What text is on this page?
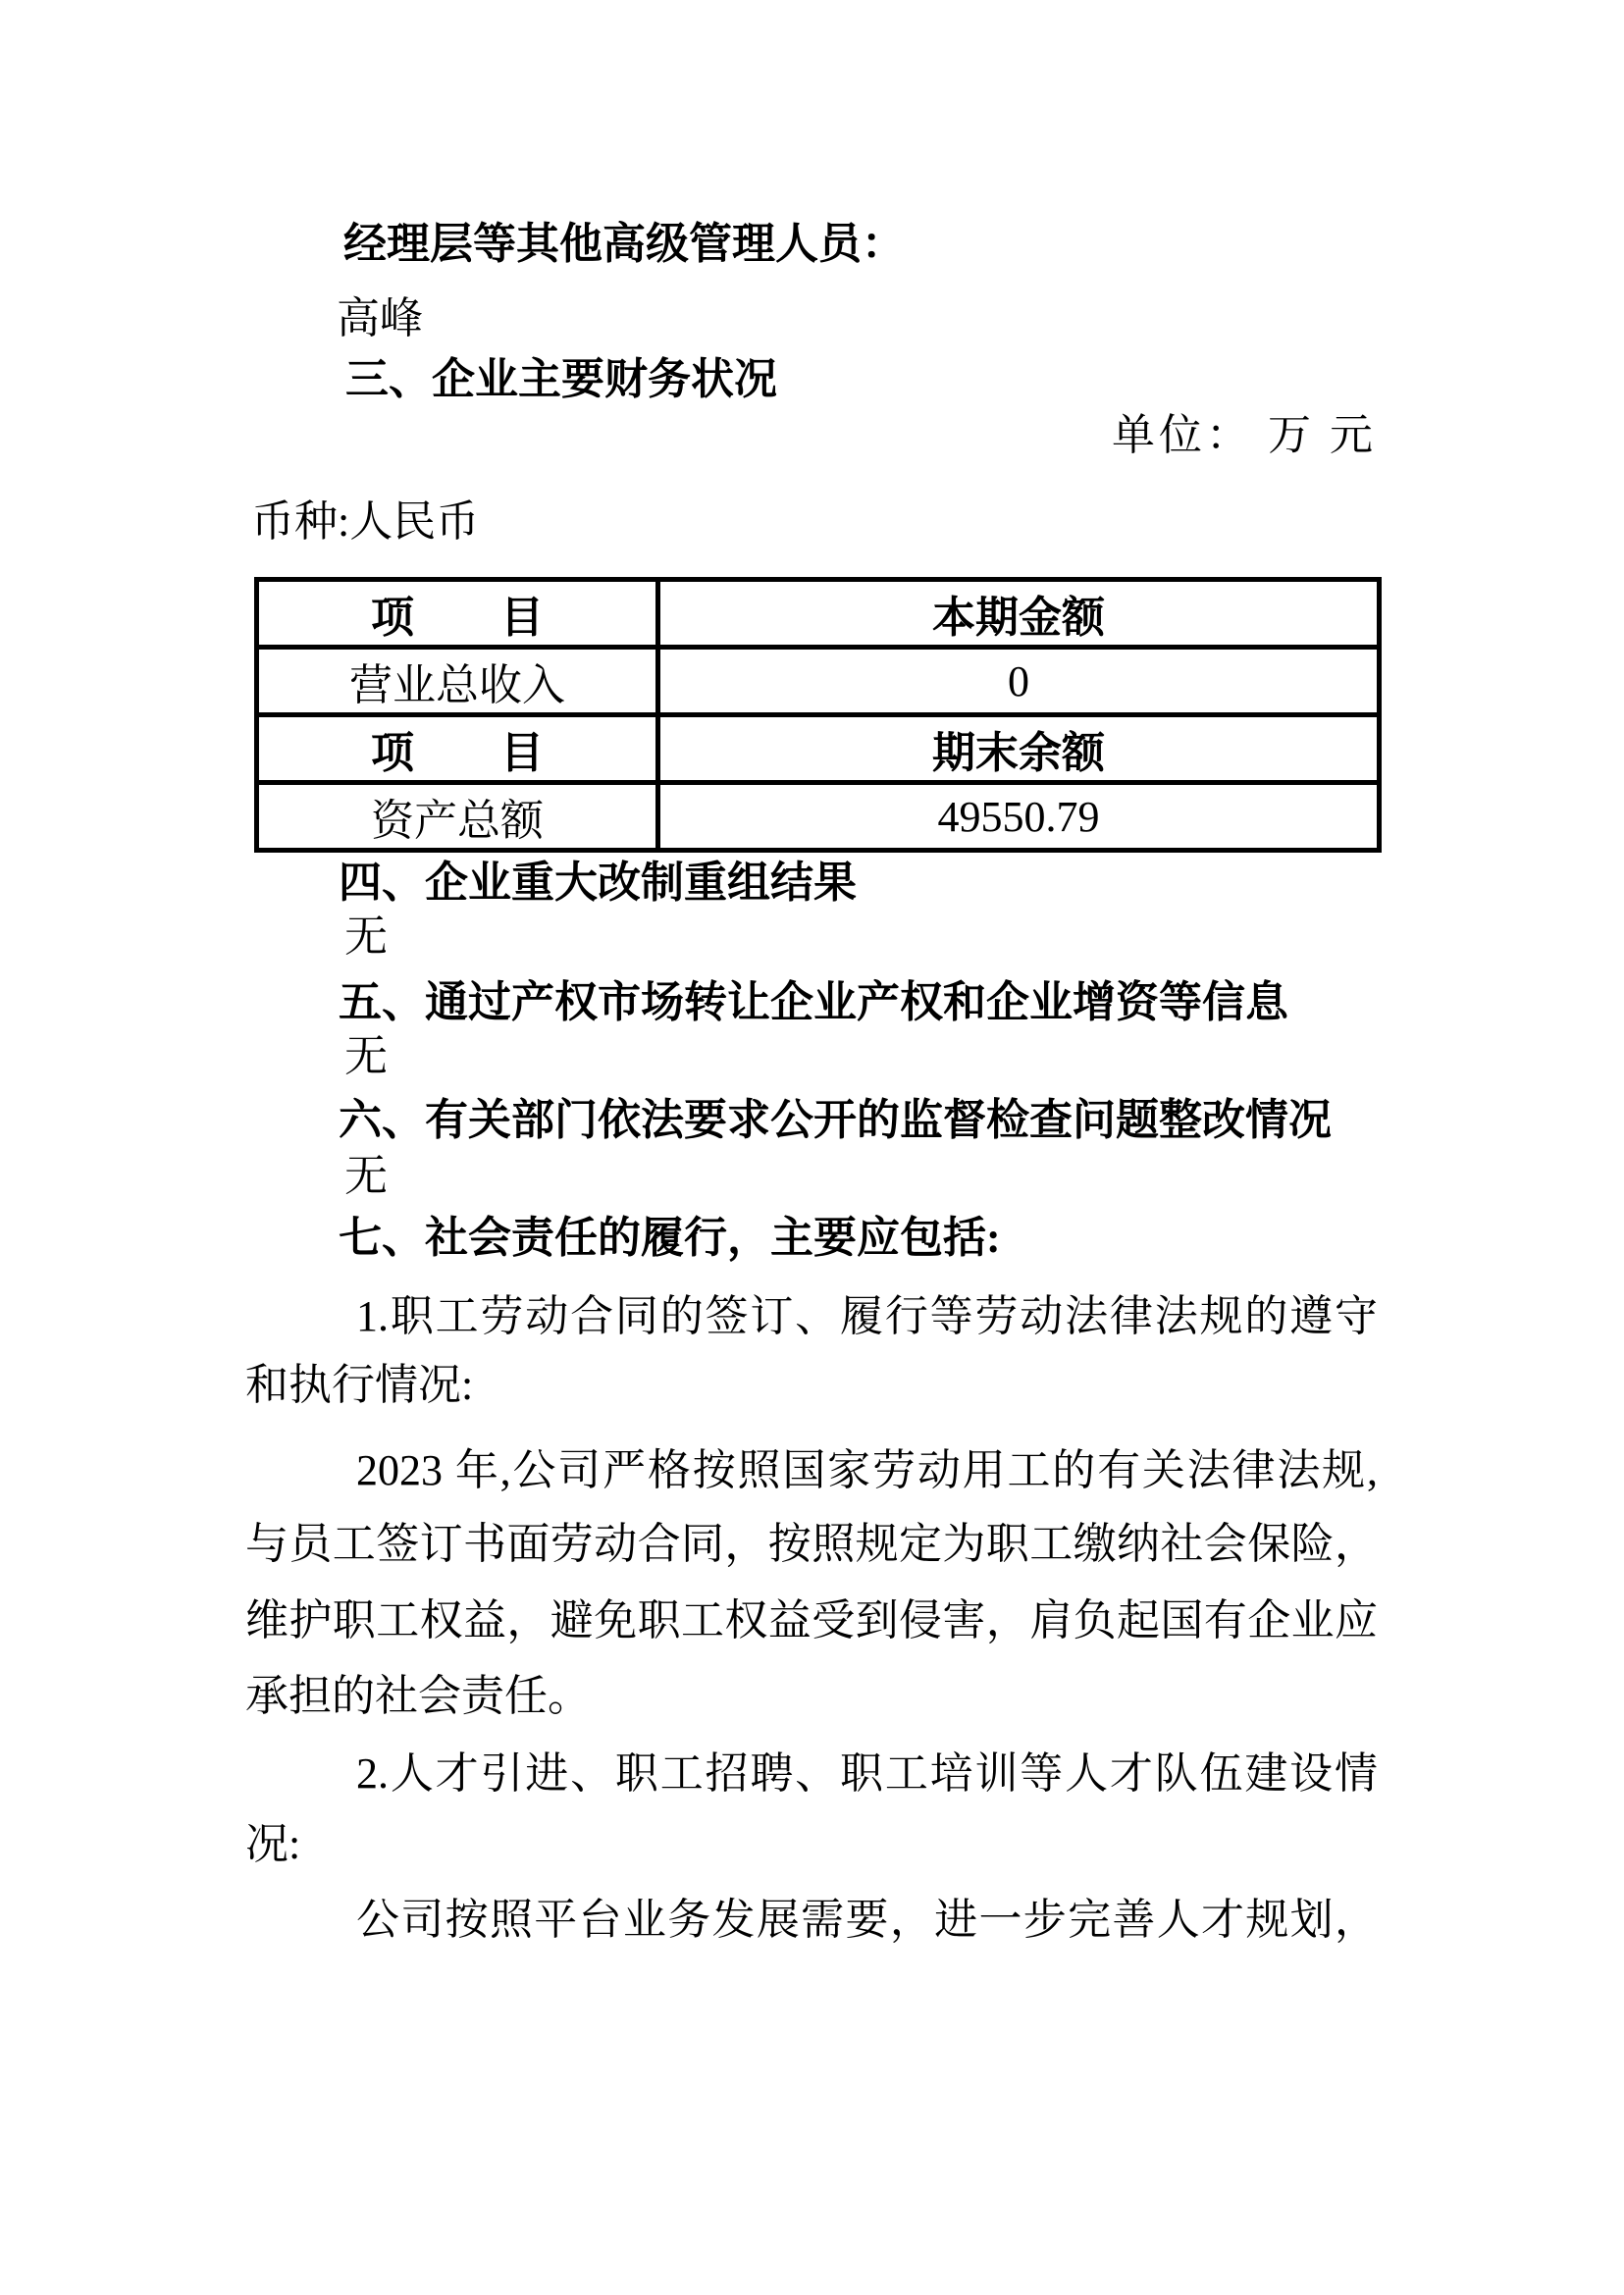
经理层等其他高级管理人员：
高峰
三、企业主要财务状况
单位： 万 元
币种:人民币
项　　目	本期金额
营业总收入	0
项　　目	期末余额
资产总额	49550.79
四、企业重大改制重组结果
无
五、通过产权市场转让企业产权和企业增资等信息
无
六、有关部门依法要求公开的监督检查问题整改情况
无
七、社会责任的履行，主要应包括:
1.职工劳动合同的签订、履行等劳动法律法规的遵守
和执行情况:
2023 年,公司严格按照国家劳动用工的有关法律法规,
与员工签订书面劳动合同，按照规定为职工缴纳社会保险，
维护职工权益，避免职工权益受到侵害，肩负起国有企业应
承担的社会责任。
2.人才引进、职工招聘、职工培训等人才队伍建设情
况:
公司按照平台业务发展需要，进一步完善人才规划，
